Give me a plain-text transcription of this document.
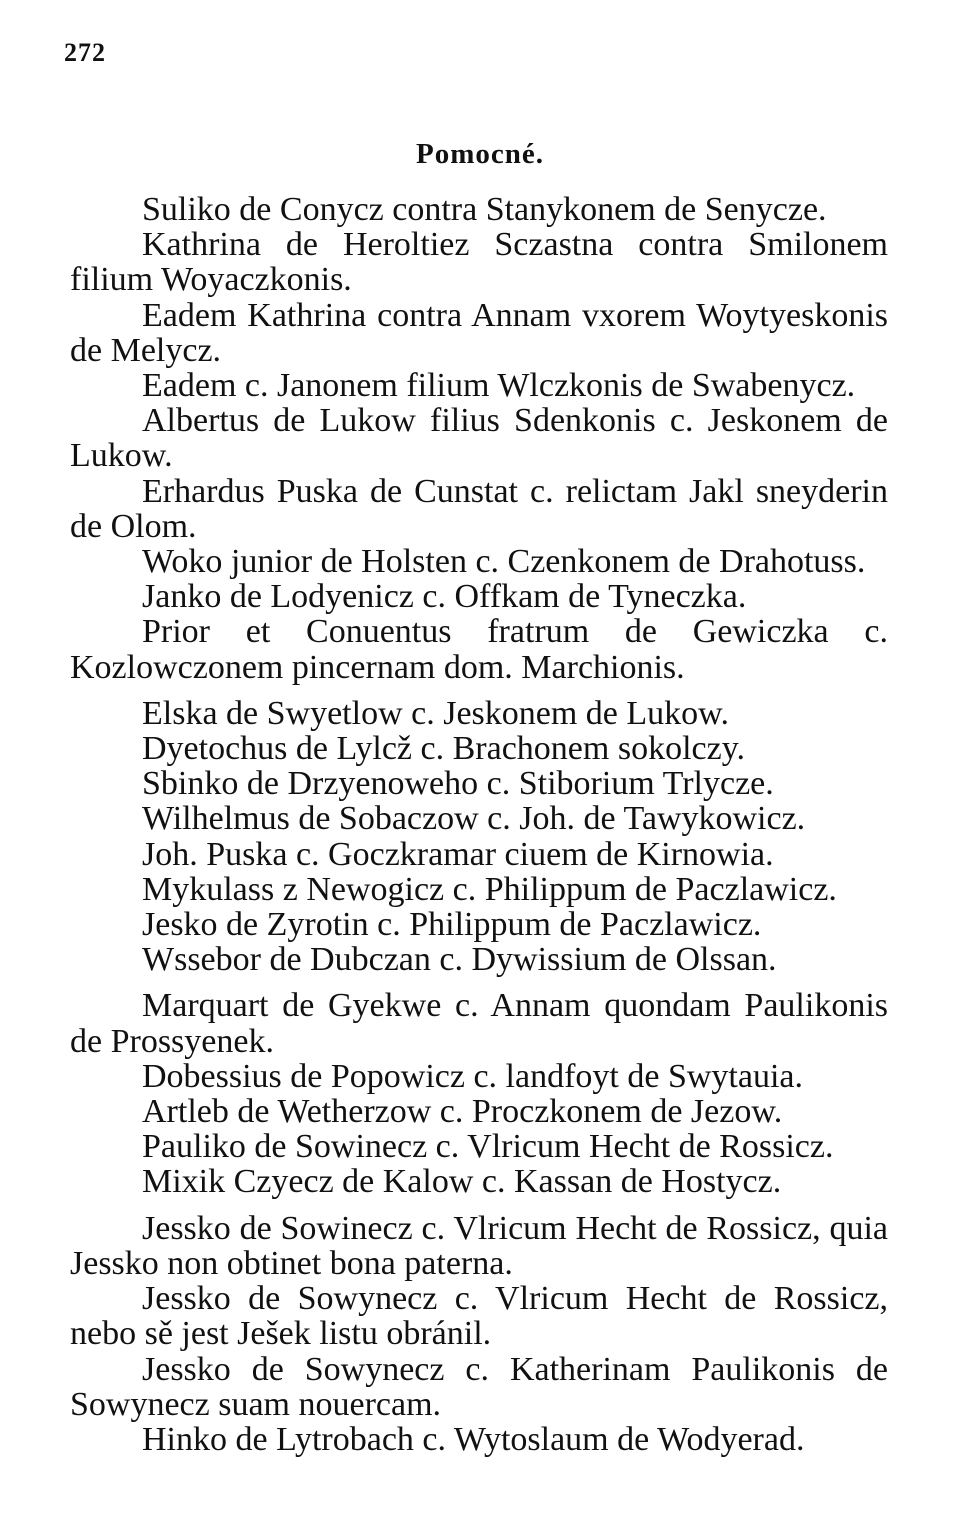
272
Pomocné.

Suliko de Conycz contra Stanykonem de Senycze.

Kathrina de Heroltiez Sczastna contra Smilonem filium Woyaczkonis.

Eadem Kathrina contra Annam vxorem Woytyeskonis de Melycz.

Eadem c. Janonem filium Wlczkonis de Swabenycz.

Albertus de Lukow filius Sdenkonis c. Jeskonem de Lukow.

Erhardus Puska de Cunstat c. relictam Jakl sneyderin de Olom.

Woko junior de Holsten c. Czenkonem de Drahotuss.

Janko de Lodyenicz c. Offkam de Tyneczka.

Prior et Conuentus fratrum de Gewiczka c. Kozlowczonem pincernam dom. Marchionis.

Elska de Swyetlow c. Jeskonem de Lukow.

Dyetochus de Lylcž c. Brachonem sokolczy.

Sbinko de Drzyenoweho c. Stiborium Trlycze.

Wilhelmus de Sobaczow c. Joh. de Tawykowicz.

Joh. Puska c. Goczkramar ciuem de Kirnowia.

Mykulass z Newogicz c. Philippum de Paczlawicz.

Jesko de Zyrotin c. Philippum de Paczlawicz.

Wssebor de Dubczan c. Dywissium de Olssan.

Marquart de Gyekwe c. Annam quondam Paulikonis de Prossyenek.

Dobessius de Popowicz c. landfoyt de Swytauia.

Artleb de Wetherzow c. Proczkonem de Jezow.

Pauliko de Sowinecz c. Vlricum Hecht de Rossicz.

Mixik Czyecz de Kalow c. Kassan de Hostycz.

Jessko de Sowinecz c. Vlricum Hecht de Rossicz, quia Jessko non obtinet bona paterna.

Jessko de Sowynecz c. Vlricum Hecht de Rossicz, nebo sě jest Ješek listu obránil.

Jessko de Sowynecz c. Katherinam Paulikonis de Sowynecz suam nouercam.

Hinko de Lytrobach c. Wytoslaum de Wodyerad.
